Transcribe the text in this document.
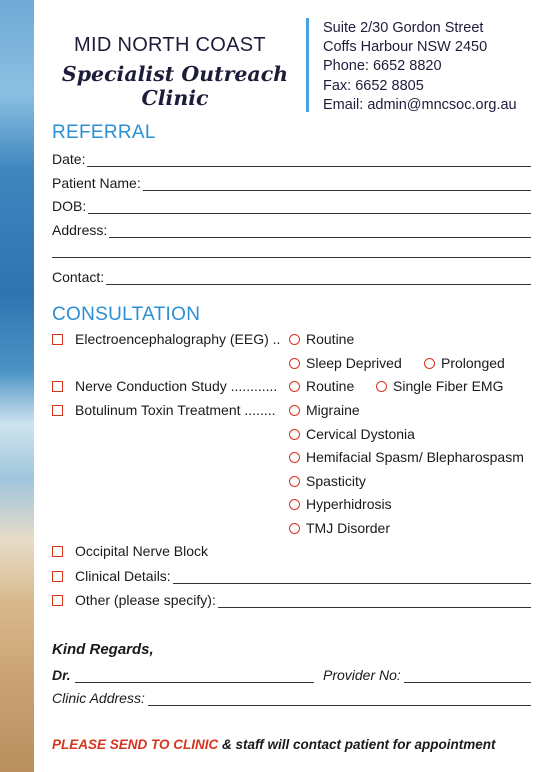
MID NORTH COAST
Specialist Outreach Clinic
Suite 2/30 Gordon Street
Coffs Harbour NSW 2450
Phone: 6652 8820
Fax: 6652 8805
Email: admin@mncsoc.org.au
REFERRAL
Date:
Patient Name:
DOB:
Address:
Contact:
CONSULTATION
Electroencephalography (EEG) .. Routine
Sleep Deprived	Prolonged
Nerve Conduction Study ............ Routine	Single Fiber EMG
Botulinum Toxin Treatment ........ Migraine
Cervical Dystonia
Hemifacial Spasm/ Blepharospasm
Spasticity
Hyperhidrosis
TMJ Disorder
Occipital Nerve Block
Clinical Details:
Other (please specify):
Kind Regards,
Dr.	Provider No:
Clinic Address:
PLEASE SEND TO CLINIC & staff will contact patient for appointment
